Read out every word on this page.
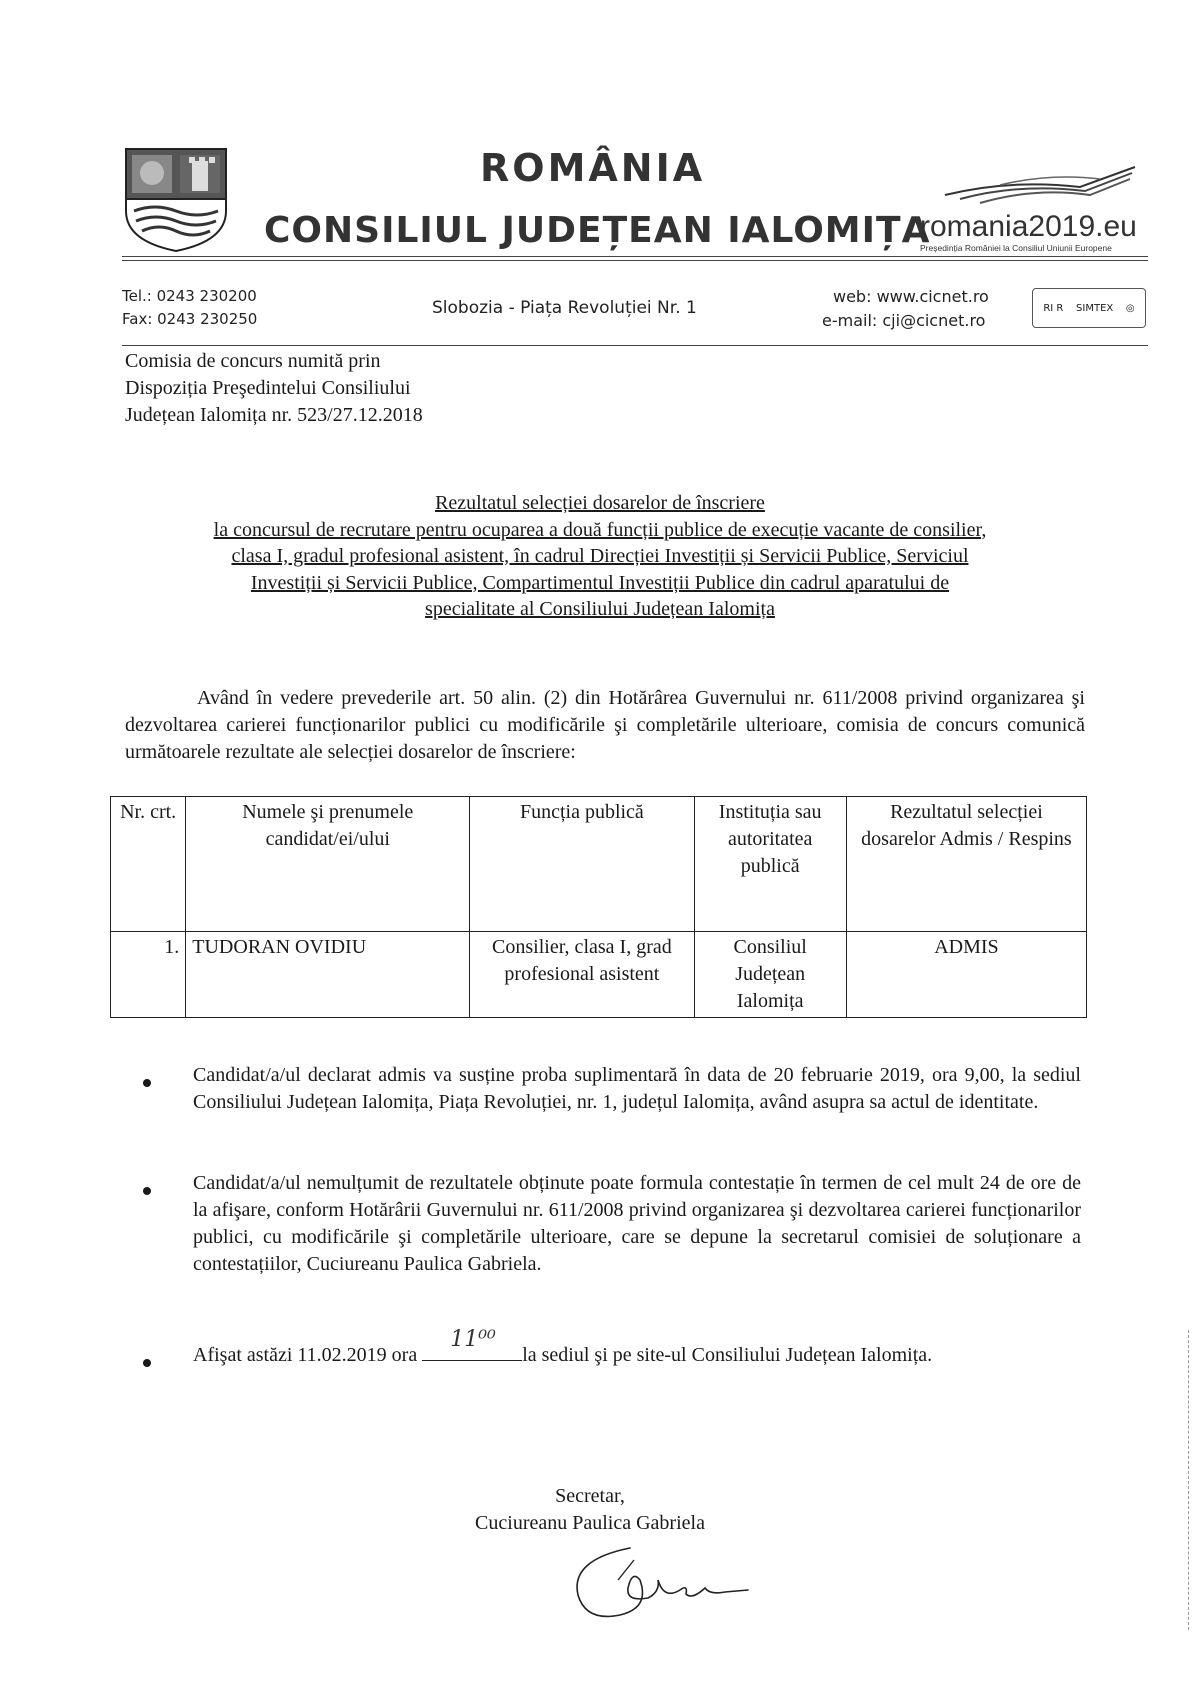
ROMÂNIA
CONSILIUL JUDEȚEAN IALOMIȚA
romania2019.eu
Președinția României la Consiliul Uniunii Europene
Tel.: 0243 230200
Fax: 0243 230250
Slobozia - Piața Revoluției Nr. 1
web: www.cicnet.ro
e-mail: cji@cicnet.ro
RI R SIMTEX ◎
Comisia de concurs numită prin
Dispoziția Preşedintelui Consiliului
Județean Ialomița nr. 523/27.12.2018
Rezultatul selecției dosarelor de înscriere
la concursul de recrutare pentru ocuparea a două funcții publice de execuție vacante de consilier,
clasa I, gradul profesional asistent, în cadrul Direcției Investiții și Servicii Publice, Serviciul
Investiții și Servicii Publice, Compartimentul Investiții Publice din cadrul aparatului de
specialitate al Consiliului Județean Ialomița
Având în vedere prevederile art. 50 alin. (2) din Hotărârea Guvernului nr. 611/2008 privind organizarea şi dezvoltarea carierei funcționarilor publici cu modificările şi completările ulterioare, comisia de concurs comunică următoarele rezultate ale selecției dosarelor de înscriere:
Nr. crt.	Numele şi prenumele candidat/ei/ului	Funcția publică	Instituția sau autoritatea publică	Rezultatul selecției dosarelor Admis / Respins
1.	TUDORAN OVIDIU	Consilier, clasa I, grad profesional asistent	Consiliul Județean Ialomița	ADMIS
Candidat/a/ul declarat admis va susține proba suplimentară în data de 20 februarie 2019, ora 9,00, la sediul Consiliului Județean Ialomița, Piața Revoluției, nr. 1, județul Ialomița, având asupra sa actul de identitate.
Candidat/a/ul nemulțumit de rezultatele obținute poate formula contestație în termen de cel mult 24 de ore de la afişare, conform Hotărârii Guvernului nr. 611/2008 privind organizarea şi dezvoltarea carierei funcționarilor publici, cu modificările şi completările ulterioare, care se depune la secretarul comisiei de soluționare a contestațiilor, Cuciureanu Paulica Gabriela.
Afişat astăzi 11.02.2019 ora
11⁰⁰
la sediul şi pe site-ul Consiliului Județean Ialomița.
Secretar,
Cuciureanu Paulica Gabriela
